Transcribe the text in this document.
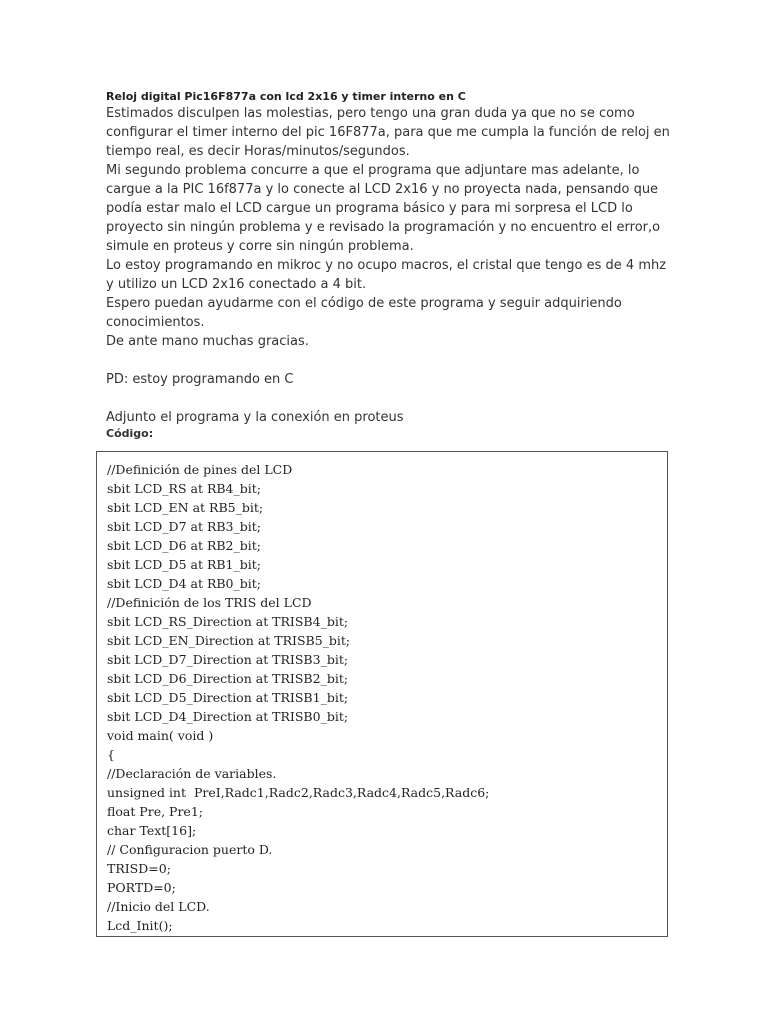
Reloj digital Pic16F877a con lcd 2x16 y timer interno en C

Estimados disculpen las molestias, pero tengo una gran duda ya que no se como
configurar el timer interno del pic 16F877a, para que me cumpla la función de reloj en
tiempo real, es decir Horas/minutos/segundos.
Mi segundo problema concurre a que el programa que adjuntare mas adelante, lo
cargue a la PIC 16f877a y lo conecte al LCD 2x16 y no proyecta nada, pensando que
podía estar malo el LCD cargue un programa básico y para mi sorpresa el LCD lo
proyecto sin ningún problema y e revisado la programación y no encuentro el error,o
simule en proteus y corre sin ningún problema.
Lo estoy programando en mikroc y no ocupo macros, el cristal que tengo es de 4 mhz
y utilizo un LCD 2x16 conectado a 4 bit.
Espero puedan ayudarme con el código de este programa y seguir adquiriendo
conocimientos.
De ante mano muchas gracias.
PD: estoy programando en C
Adjunto el programa y la conexión en proteus

Código:

//Definición de pines del LCD
sbit LCD_RS at RB4_bit;
sbit LCD_EN at RB5_bit;
sbit LCD_D7 at RB3_bit;
sbit LCD_D6 at RB2_bit;
sbit LCD_D5 at RB1_bit;
sbit LCD_D4 at RB0_bit;
//Definición de los TRIS del LCD
sbit LCD_RS_Direction at TRISB4_bit;
sbit LCD_EN_Direction at TRISB5_bit;
sbit LCD_D7_Direction at TRISB3_bit;
sbit LCD_D6_Direction at TRISB2_bit;
sbit LCD_D5_Direction at TRISB1_bit;
sbit LCD_D4_Direction at TRISB0_bit;
void main( void )
{
//Declaración de variables.
unsigned int  PreI,Radc1,Radc2,Radc3,Radc4,Radc5,Radc6;
float Pre, Pre1;
char Text[16];
// Configuracion puerto D.
TRISD=0;
PORTD=0;
//Inicio del LCD.
Lcd_Init();
